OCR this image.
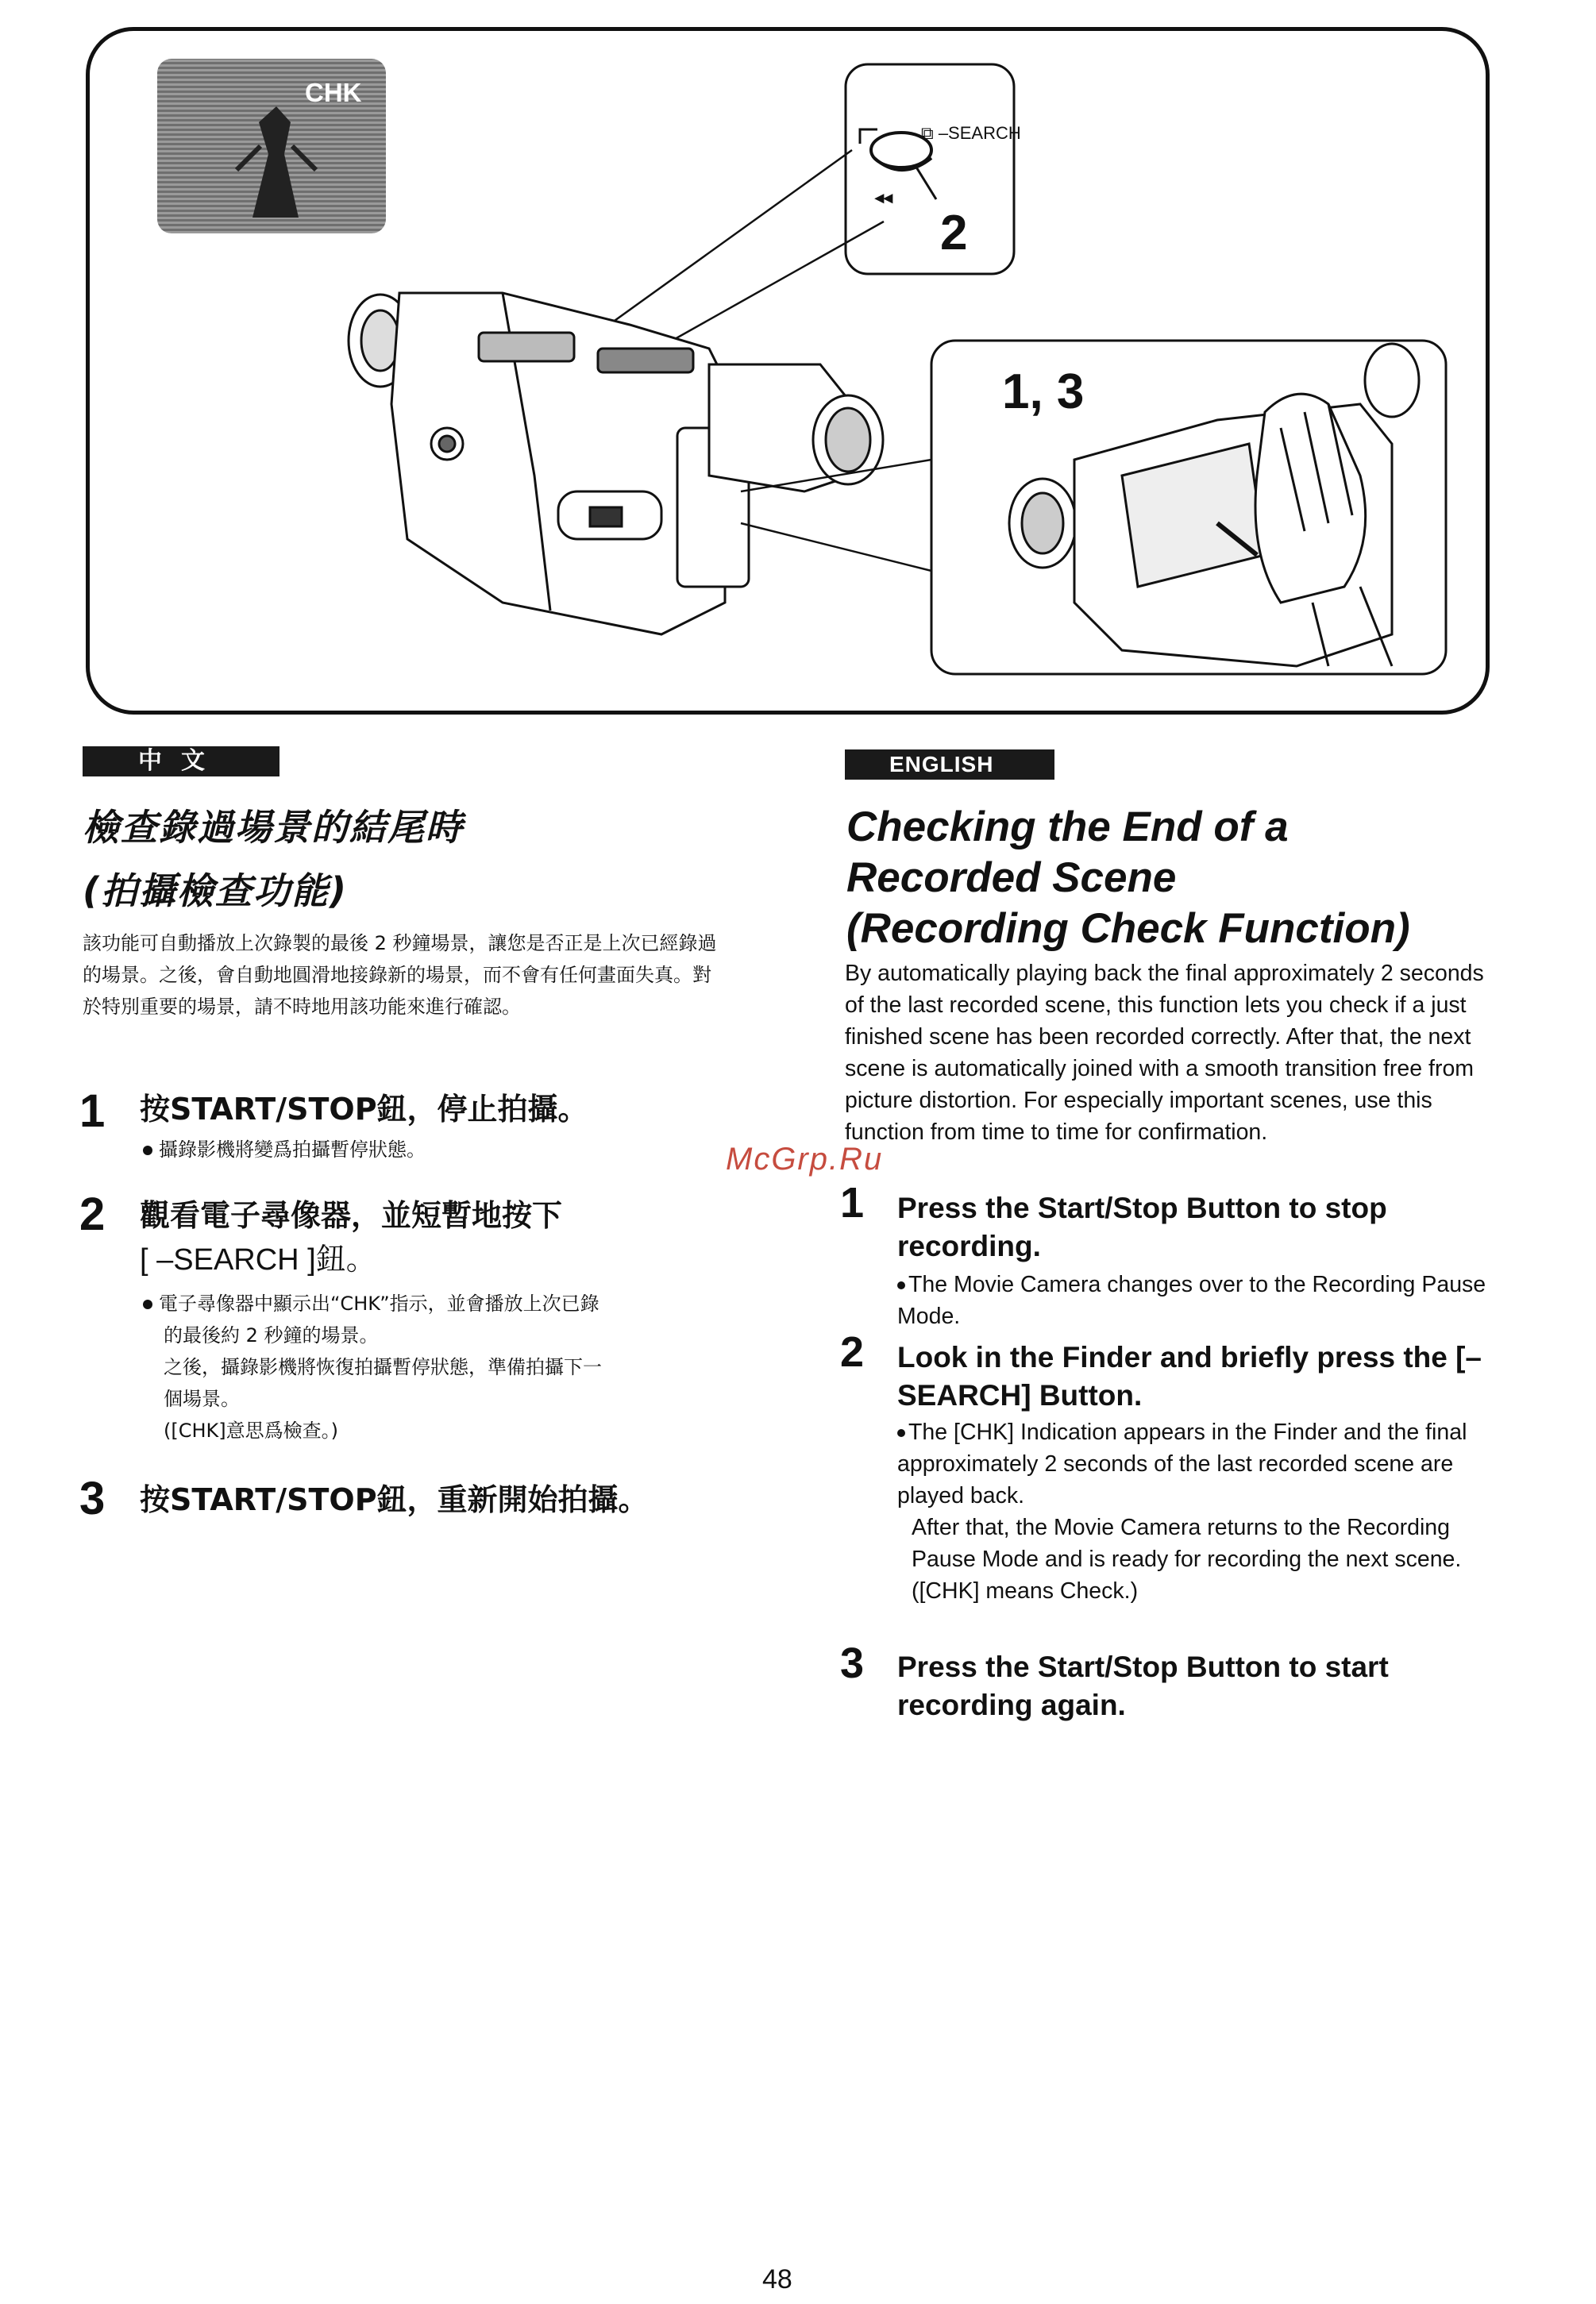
CHK
⧉ –SEARCH
◂◂
2
1, 3
中文
檢查錄過場景的結尾時
(拍攝檢查功能)
該功能可自動播放上次錄製的最後 2 秒鐘場景，讓您是否正是上次已經錄過的場景。之後，會自動地圓滑地接錄新的場景，而不會有任何畫面失真。對於特別重要的場景，請不時地用該功能來進行確認。
1 按START/STOP鈕，停止拍攝。
攝錄影機將變爲拍攝暫停狀態。
2 觀看電子尋像器，並短暫地按下
[ –SEARCH ]鈕。
電子尋像器中顯示出“CHK”指示，並會播放上次已錄
的最後約 2 秒鐘的場景。
之後，攝錄影機將恢復拍攝暫停狀態，準備拍攝下一
個場景。
([CHK]意思爲檢查。)
3 按START/STOP鈕，重新開始拍攝。
ENGLISH
Checking the End of a
Recorded Scene
(Recording Check Function)
By automatically playing back the final approximately 2 seconds of the last recorded scene, this function lets you check if a just finished scene has been recorded correctly. After that, the next scene is automatically joined with a smooth transition free from picture distortion. For especially important scenes, use this function from time to time for confirmation.
1 Press the Start/Stop Button to stop recording.
The Movie Camera changes over to the Recording Pause Mode.
2 Look in the Finder and briefly press the [– SEARCH] Button.
The [CHK] Indication appears in the Finder and the final approximately 2 seconds of the last recorded scene are played back.
After that, the Movie Camera returns to the Recording Pause Mode and is ready for recording the next scene.
([CHK] means Check.)
3 Press the Start/Stop Button to start recording again.
McGrp.Ru
48
